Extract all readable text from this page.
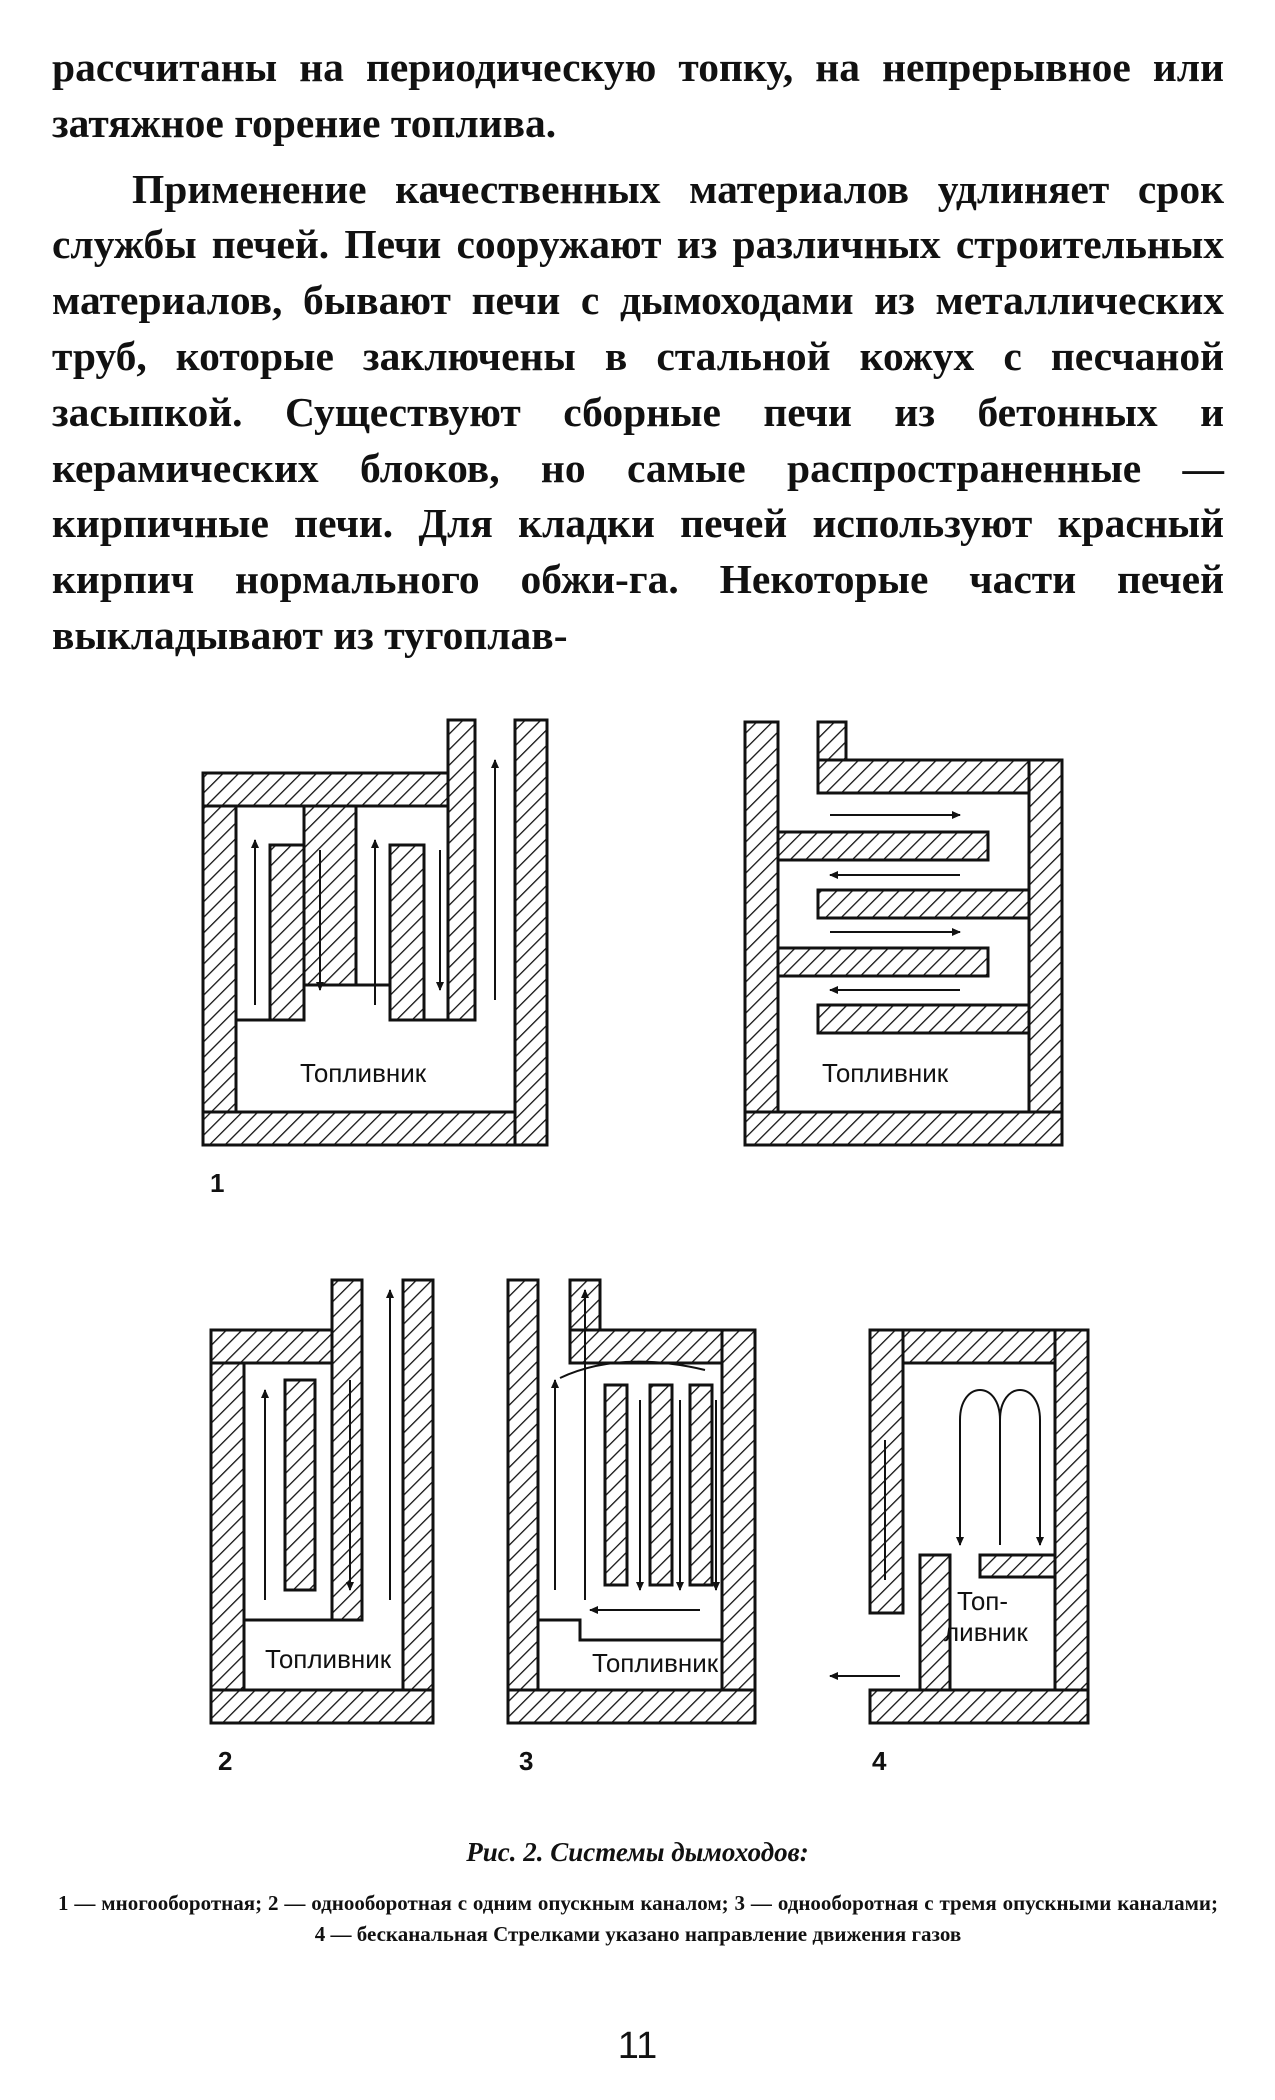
рассчитаны на периодическую топку, на непрерывное или затяжное горение топлива.

Применение качественных материалов удлиняет срок службы печей. Печи сооружают из различных строительных материалов, бывают печи с дымоходами из металлических труб, которые заключены в стальной кожух с песчаной засыпкой. Существуют сборные печи из бетонных и керамических блоков, но самые распространенные — кирпичные печи. Для кладки печей используют красный кирпич нормального обжи-га. Некоторые части печей выкладывают из тугоплав-

Топливник	Топливник
1
Топливник	Топливник
Топ-
ливник
2	3	4
Рис. 2. Системы дымоходов:
1 — многооборотная; 2 — однооборотная с одним опускным каналом; 3 — однооборотная с тремя опускными каналами; 4 — бесканальная Стрелками указано направление движения газов
11
